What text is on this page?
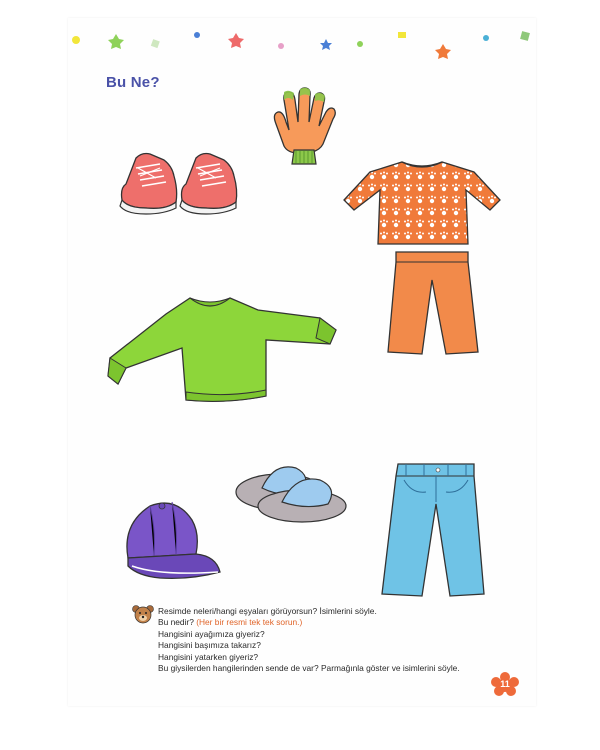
Bu Ne?
Resimde neleri/hangi eşyaları görüyorsun? İsimlerini söyle.
Bu nedir? (Her bir resmi tek tek sorun.)
Hangisini ayağımıza giyeriz?
Hangisini başımıza takarız?
Hangisini yatarken giyeriz?
Bu giysilerden hangilerinden sende de var? Parmağınla göster ve isimlerini söyle.
11
